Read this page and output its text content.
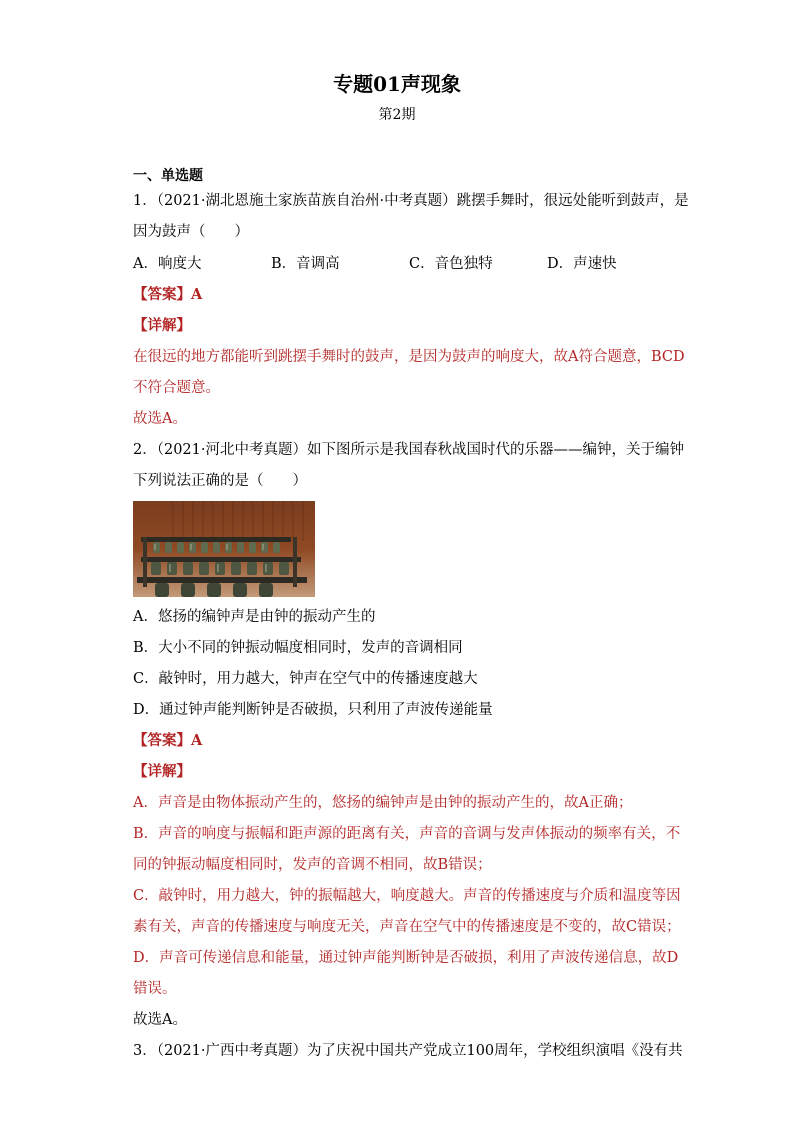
专题01声现象
第2期
一、单选题
1．（2021·湖北恩施土家族苗族自治州·中考真题）跳摆手舞时，很远处能听到鼓声，是
因为鼓声（　　）
A．响度大	B．音调高	C．音色独特	D．声速快
【答案】A
【详解】
在很远的地方都能听到跳摆手舞时的鼓声，是因为鼓声的响度大，故A符合题意，BCD
不符合题意。
故选A。
2．（2021·河北中考真题）如下图所示是我国春秋战国时代的乐器——编钟，关于编钟
下列说法正确的是（　　）
A．悠扬的编钟声是由钟的振动产生的
B．大小不同的钟振动幅度相同时，发声的音调相同
C．敲钟时，用力越大，钟声在空气中的传播速度越大
D．通过钟声能判断钟是否破损，只利用了声波传递能量
【答案】A
【详解】
A．声音是由物体振动产生的，悠扬的编钟声是由钟的振动产生的，故A正确；
B．声音的响度与振幅和距声源的距离有关，声音的音调与发声体振动的频率有关，不
同的钟振动幅度相同时，发声的音调不相同，故B错误；
C．敲钟时，用力越大，钟的振幅越大，响度越大。声音的传播速度与介质和温度等因
素有关，声音的传播速度与响度无关，声音在空气中的传播速度是不变的，故C错误；
D．声音可传递信息和能量，通过钟声能判断钟是否破损，利用了声波传递信息，故D
错误。
故选A。
3．（2021·广西中考真题）为了庆祝中国共产党成立100周年，学校组织演唱《没有共
